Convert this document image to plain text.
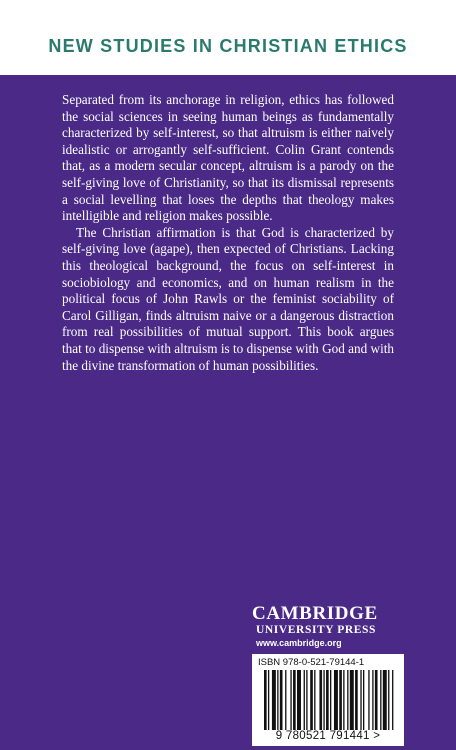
NEW STUDIES IN CHRISTIAN ETHICS

Separated from its anchorage in religion, ethics has followed the social sciences in seeing human beings as fundamentally characterized by self-interest, so that altruism is either naively idealistic or arrogantly self-sufficient. Colin Grant contends that, as a modern secular concept, altruism is a parody on the self-giving love of Christianity, so that its dismissal represents a social levelling that loses the depths that theology makes intelligible and religion makes possible.

The Christian affirmation is that God is characterized by self-giving love (agape), then expected of Christians. Lacking this theological background, the focus on self-interest in sociobiology and economics, and on human realism in the political focus of John Rawls or the feminist sociability of Carol Gilligan, finds altruism naive or a dangerous distraction from real possibilities of mutual support. This book argues that to dispense with altruism is to dispense with God and with the divine transformation of human possibilities.

CAMBRIDGE
UNIVERSITY PRESS
www.cambridge.org
ISBN 978-0-521-79144-1
9 780521 791441 >
